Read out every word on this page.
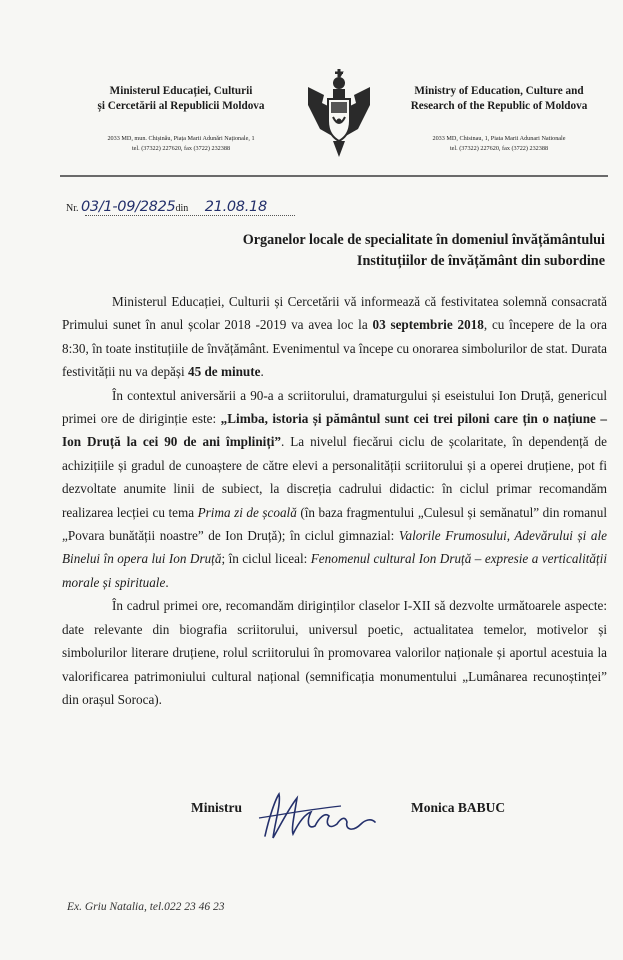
Ministerul Educației, Culturii
și Cercetării al Republicii Moldova
2033 MD, mun. Chișinău, Piața Marii Adunări Naționale, 1
tel. (37322) 227620, fax (3722) 232388
Ministry of Education, Culture and
Research of the Republic of Moldova
2033 MD, Chisinau, 1, Piata Marii Adunari Nationale
tel. (37322) 227620, fax (3722) 232388
Nr. 03/1-09/2825din 21.08.18
Organelor locale de specialitate în domeniul învățământului
Instituțiilor de învățământ din subordine

Ministerul Educației, Culturii și Cercetării vă informează că festivitatea solemnă consacrată Primului sunet în anul școlar 2018 -2019 va avea loc la 03 septembrie 2018, cu începere de la ora 8:30, în toate instituțiile de învățământ. Evenimentul va începe cu onorarea simbolurilor de stat. Durata festivității nu va depăși 45 de minute.

În contextul aniversării a 90-a a scriitorului, dramaturgului și eseistului Ion Druță, genericul primei ore de diriginție este: „Limba, istoria și pământul sunt cei trei piloni care țin o națiune – Ion Druță la cei 90 de ani împliniți”. La nivelul fiecărui ciclu de școlaritate, în dependență de achizițiile și gradul de cunoaștere de către elevi a personalității scriitorului și a operei druțiene, pot fi dezvoltate anumite linii de subiect, la discreția cadrului didactic: în ciclul primar recomandăm realizarea lecției cu tema Prima zi de școală (în baza fragmentului „Culesul și semănatul” din romanul „Povara bunătății noastre” de Ion Druță); în ciclul gimnazial: Valorile Frumosului, Adevărului și ale Binelui în opera lui Ion Druță; în ciclul liceal: Fenomenul cultural Ion Druță – expresie a verticalității morale și spirituale.

În cadrul primei ore, recomandăm diriginților claselor I-XII să dezvolte următoarele aspecte: date relevante din biografia scriitorului, universul poetic, actualitatea temelor, motivelor și simbolurilor literare druțiene, rolul scriitorului în promovarea valorilor naționale și aportul acestuia la valorificarea patrimoniului cultural național (semnificația monumentului „Lumânarea recunoștinței” din orașul Soroca).

Ministru	Monica BABUC
Ex. Griu Natalia, tel.022 23 46 23
